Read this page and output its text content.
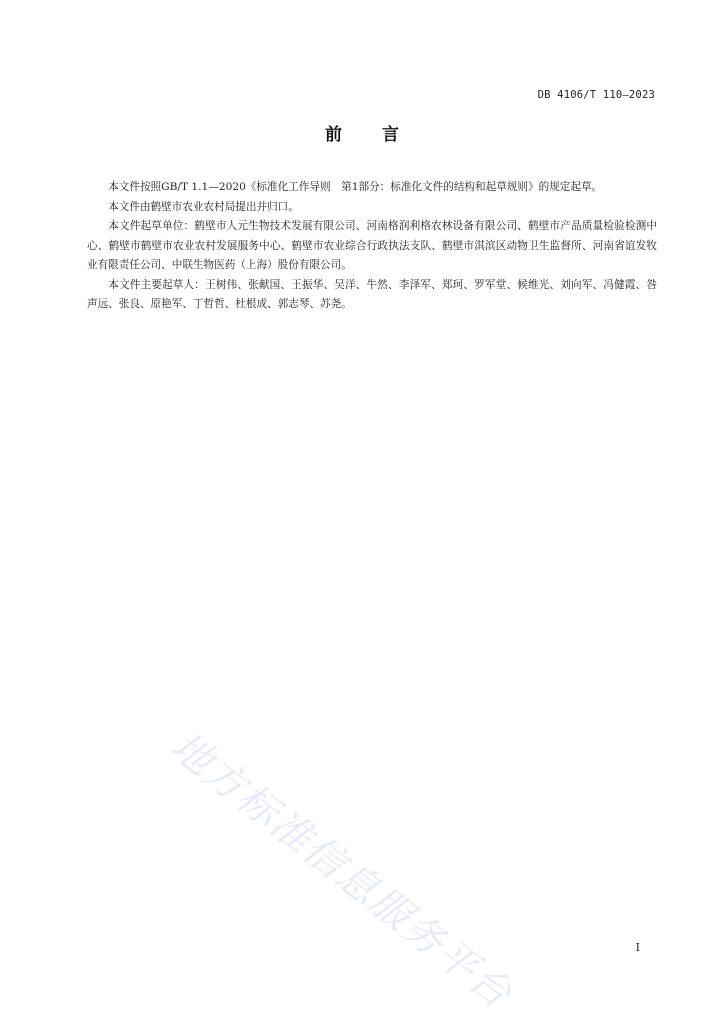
DB 4106/T 110—2023
前 言

本文件按照GB/T 1.1—2020《标准化工作导则　第1部分：标准化文件的结构和起草规则》的规定起草。

本文件由鹤壁市农业农村局提出并归口。

本文件起草单位：鹤壁市人元生物技术发展有限公司、河南格润利格农林设备有限公司、鹤壁市产品质量检验检测中心、鹤壁市鹤壁市农业农村发展服务中心、鹤壁市农业综合行政执法支队、鹤壁市淇滨区动物卫生监督所、河南省谊发牧业有限责任公司、中联生物医药（上海）股份有限公司。

本文件主要起草人：王树伟、张献国、王振华、吴洋、牛然、李泽军、郑珂、罗军堂、候维光、刘向军、冯健霞、咎声远、张良、原艳军、丁哲哲、杜根成、郭志琴、苏尧。

地方标准信息服务平台	I
